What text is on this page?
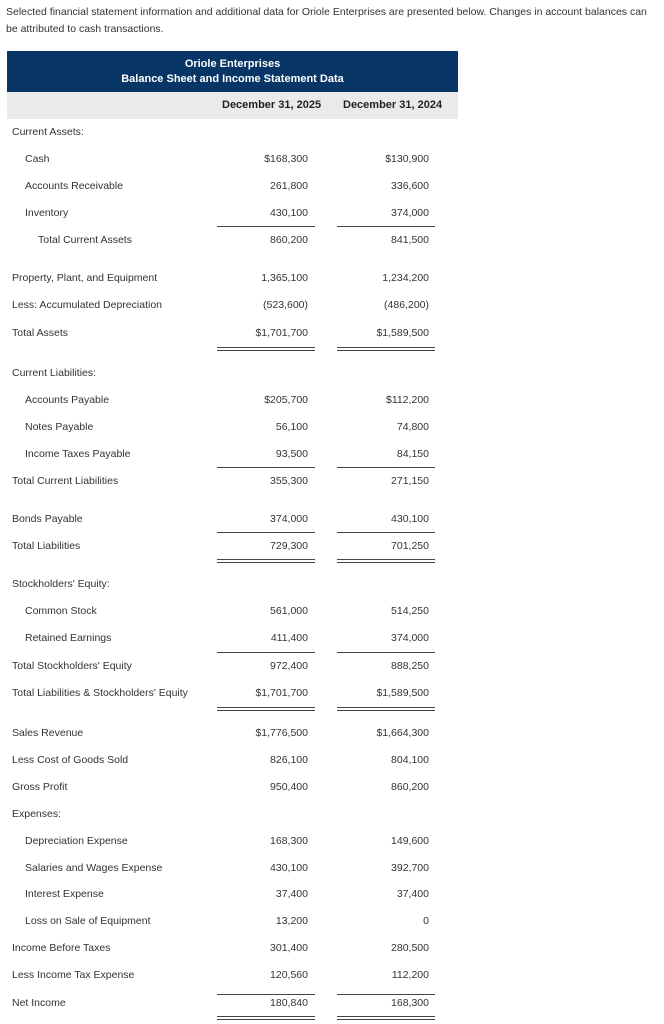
Selected financial statement information and additional data for Oriole Enterprises are presented below. Changes in account balances can be attributed to cash transactions.
Oriole Enterprises
Balance Sheet and Income Statement Data
December 31, 2025 December 31, 2024
Current Assets:
Cash	$168,300	$130,900
Accounts Receivable	261,800	336,600
Inventory	430,100	374,000
Total Current Assets	860,200	841,500
Property, Plant, and Equipment	1,365,100	1,234,200
Less: Accumulated Depreciation	(523,600)	(486,200)
Total Assets	$1,701,700	$1,589,500
Current Liabilities:
Accounts Payable	$205,700	$112,200
Notes Payable	56,100	74,800
Income Taxes Payable	93,500	84,150
Total Current Liabilities	355,300	271,150
Bonds Payable	374,000	430,100
Total Liabilities	729,300	701,250
Stockholders' Equity:
Common Stock	561,000	514,250
Retained Earnings	411,400	374,000
Total Stockholders' Equity	972,400	888,250
Total Liabilities & Stockholders' Equity	$1,701,700	$1,589,500
Sales Revenue	$1,776,500	$1,664,300
Less Cost of Goods Sold	826,100	804,100
Gross Profit	950,400	860,200
Expenses:
Depreciation Expense	168,300	149,600
Salaries and Wages Expense	430,100	392,700
Interest Expense	37,400	37,400
Loss on Sale of Equipment	13,200	0
Income Before Taxes	301,400	280,500
Less Income Tax Expense	120,560	112,200
Net Income	180,840	168,300
